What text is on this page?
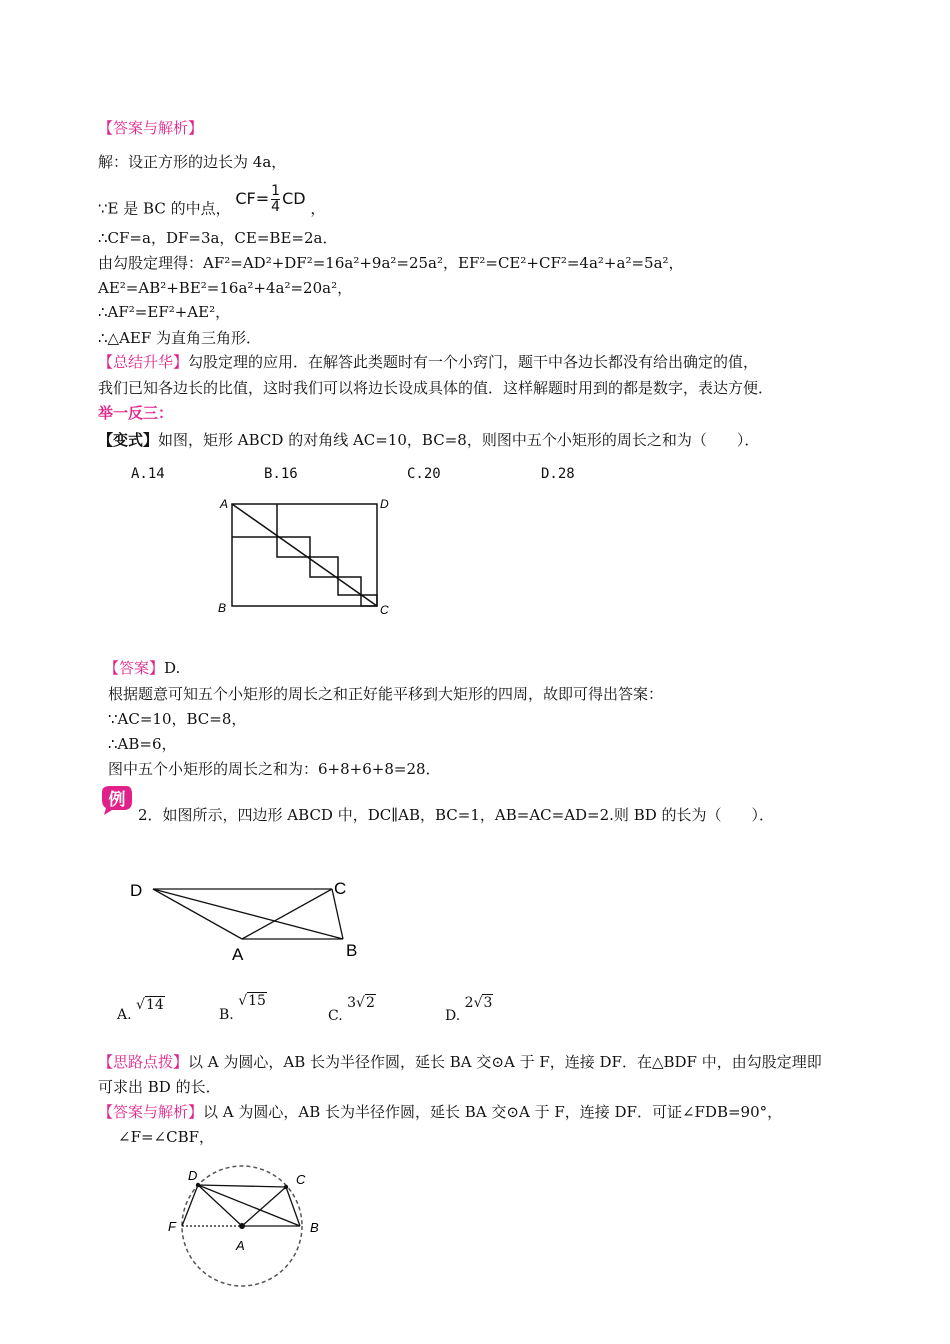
【答案与解析】
解：设正方形的边长为 4a，
∵E 是 BC 的中点， $CF= \frac{1}{4}$ CD ，
∴CF=a，DF=3a，CE=BE=2a．
由勾股定理得：AF²=AD²+DF²=16a²+9a²=25a²，EF²=CE²+CF²=4a²+a²=5a²，
AE²=AB²+BE²=16a²+4a²=20a²，
∴AF²=EF²+AE²，
∴△AEF 为直角三角形．
【总结升华】勾股定理的应用．在解答此类题时有一个小窍门，题干中各边长都没有给出确定的值，
我们已知各边长的比值，这时我们可以将边长设成具体的值．这样解题时用到的都是数字，表达方便．
举一反三：
【变式】如图，矩形 ABCD 的对角线 AC=10，BC=8，则图中五个小矩形的周长之和为（　　）．
A.14	B.16	C.20	D.28
A	D
B	C
【答案】D.
根据题意可知五个小矩形的周长之和正好能平移到大矩形的四周，故即可得出答案：
∵AC=10，BC=8，
∴AB=6，
图中五个小矩形的周长之和为：6+8+6+8=28．
例
2．如图所示，四边形 ABCD 中，DC∥AB，BC=1，AB=AC=AD=2.则 BD 的长为（　　）．
D	C
A	B
A. √14
B. √15
C. 3√2
D. 2√3
【思路点拨】以 A 为圆心，AB 长为半径作圆，延长 BA 交⊙A 于 F，连接 DF．在△BDF 中，由勾股定理即
可求出 BD 的长．
【答案与解析】以 A 为圆心，AB 长为半径作圆，延长 BA 交⊙A 于 F，连接 DF．可证∠FDB=90°，
∠F=∠CBF，
D	C
F
A
B
